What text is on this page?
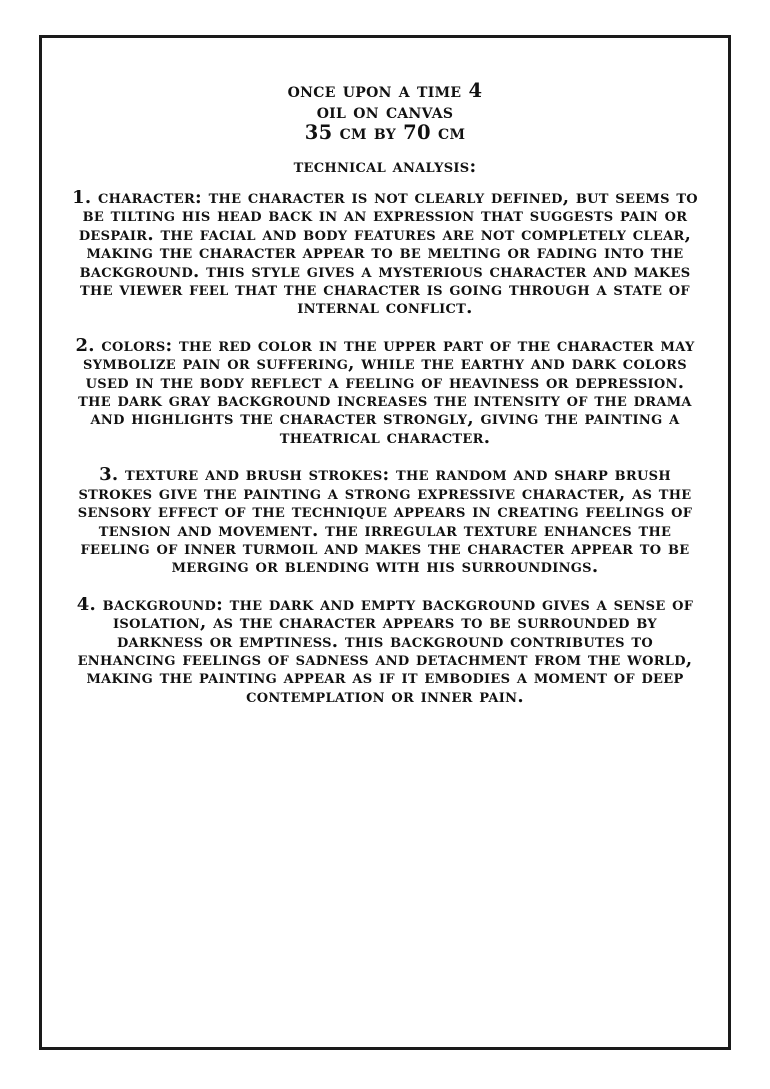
once upon a time 4
oil on canvas
35 cm by 70 cm
technical analysis:

1. character: the character is not clearly defined, but seems to be tilting his head back in an expression that suggests pain or despair. the facial and body features are not completely clear, making the character appear to be melting or fading into the background. this style gives a mysterious character and makes the viewer feel that the character is going through a state of internal conflict.

2. colors: the red color in the upper part of the character may symbolize pain or suffering, while the earthy and dark colors used in the body reflect a feeling of heaviness or depression. the dark gray background increases the intensity of the drama and highlights the character strongly, giving the painting a theatrical character.

3. texture and brush strokes: the random and sharp brush strokes give the painting a strong expressive character, as the sensory effect of the technique appears in creating feelings of tension and movement. the irregular texture enhances the feeling of inner turmoil and makes the character appear to be merging or blending with his surroundings.

4. background: the dark and empty background gives a sense of isolation, as the character appears to be surrounded by darkness or emptiness. this background contributes to enhancing feelings of sadness and detachment from the world, making the painting appear as if it embodies a moment of deep contemplation or inner pain.
